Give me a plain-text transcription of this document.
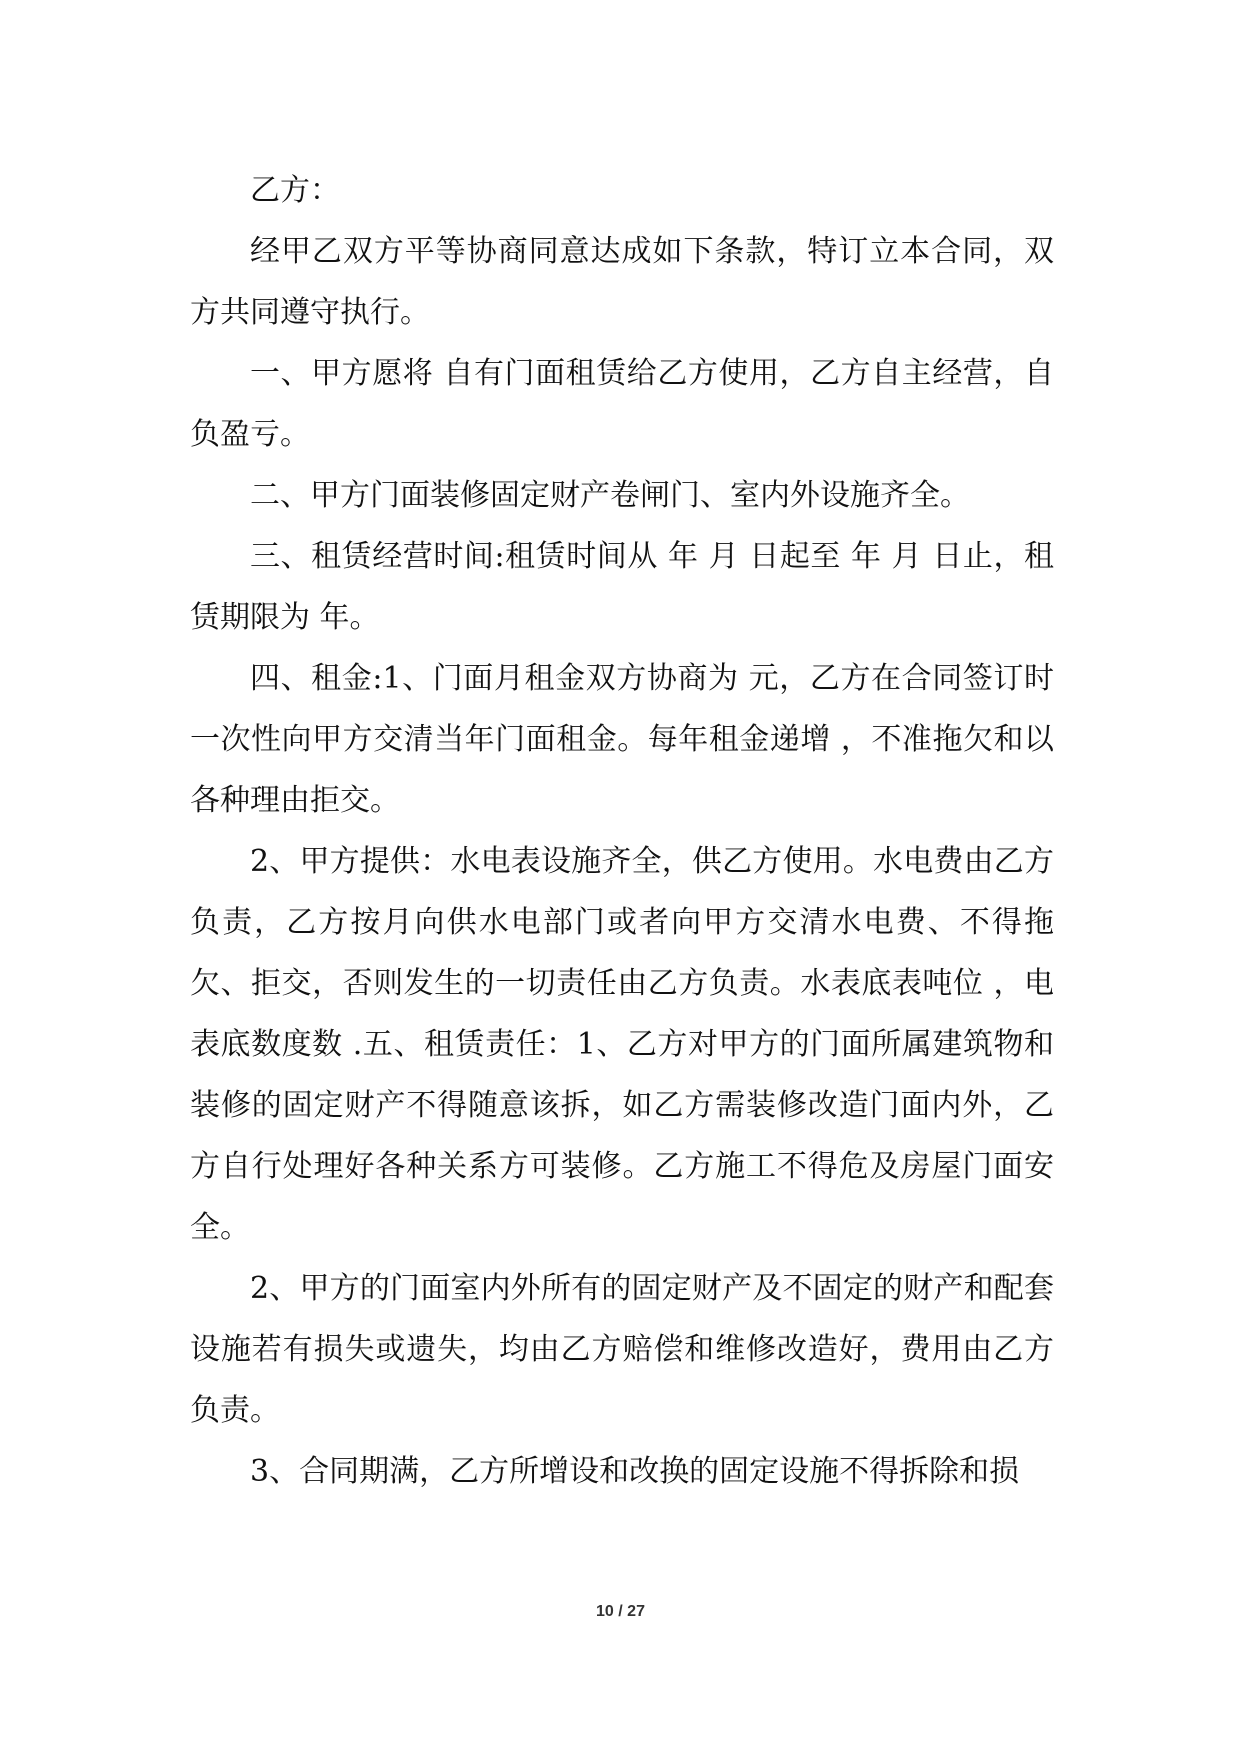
乙方：

经甲乙双方平等协商同意达成如下条款，特订立本合同，双方共同遵守执行。

一、甲方愿将 自有门面租赁给乙方使用，乙方自主经营，自负盈亏。

二、甲方门面装修固定财产卷闸门、室内外设施齐全。

三、租赁经营时间:租赁时间从 年 月 日起至 年 月 日止，租赁期限为 年。

四、租金:1、门面月租金双方协商为 元，乙方在合同签订时一次性向甲方交清当年门面租金。每年租金递增 ，不准拖欠和以各种理由拒交。

2、甲方提供：水电表设施齐全，供乙方使用。水电费由乙方负责，乙方按月向供水电部门或者向甲方交清水电费、不得拖欠、拒交，否则发生的一切责任由乙方负责。水表底表吨位 ，电表底数度数 .五、租赁责任：1、乙方对甲方的门面所属建筑物和装修的固定财产不得随意该拆，如乙方需装修改造门面内外，乙方自行处理好各种关系方可装修。乙方施工不得危及房屋门面安全。

2、甲方的门面室内外所有的固定财产及不固定的财产和配套设施若有损失或遗失，均由乙方赔偿和维修改造好，费用由乙方负责。

3、合同期满，乙方所增设和改换的固定设施不得拆除和损

10 / 27
